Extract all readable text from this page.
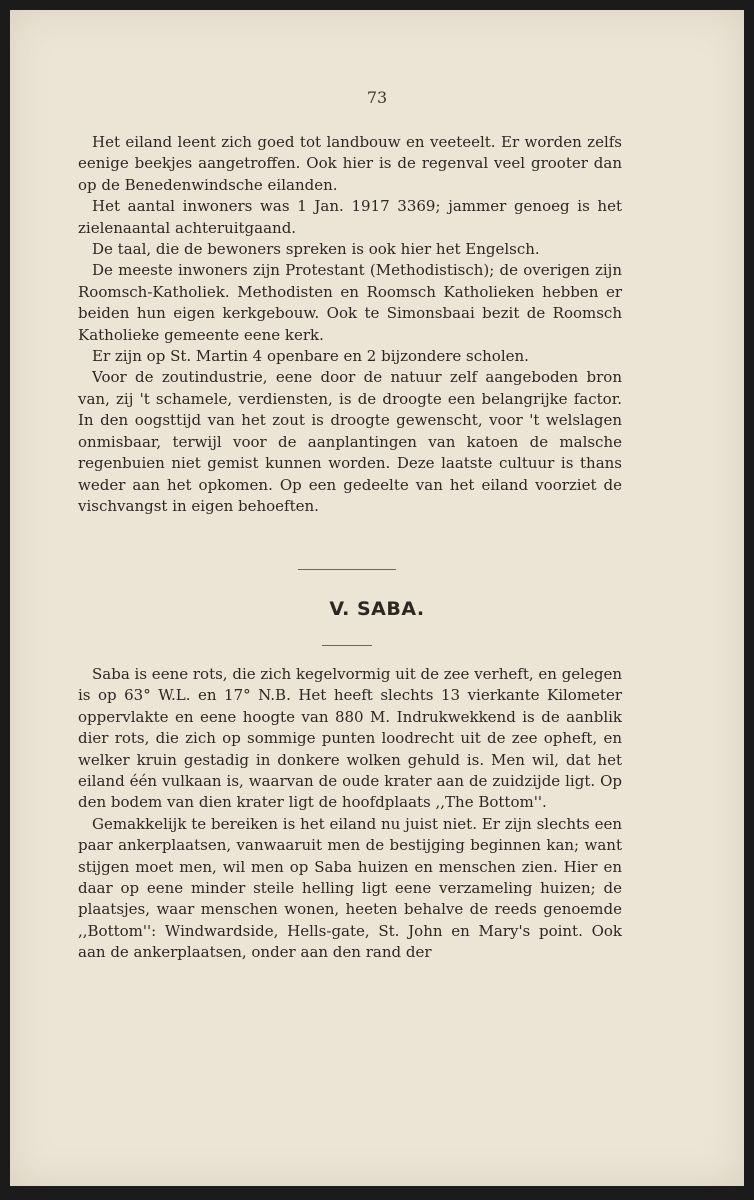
73

Het eiland leent zich goed tot landbouw en veeteelt. Er worden zelfs eenige beekjes aangetroffen. Ook hier is de regenval veel grooter dan op de Benedenwindsche eilanden.

Het aantal inwoners was 1 Jan. 1917 3369; jammer genoeg is het zielenaantal achteruitgaand.

De taal, die de bewoners spreken is ook hier het Engelsch.

De meeste inwoners zijn Protestant (Methodistisch); de overigen zijn Roomsch-Katholiek. Methodisten en Roomsch Katholieken hebben er beiden hun eigen kerkgebouw. Ook te Simonsbaai bezit de Roomsch Katholieke gemeente eene kerk.

Er zijn op St. Martin 4 openbare en 2 bijzondere scholen.

Voor de zoutindustrie, eene door de natuur zelf aangeboden bron van, zij 't schamele, verdiensten, is de droogte een belangrijke factor. In den oogsttijd van het zout is droogte gewenscht, voor 't welslagen onmisbaar, terwijl voor de aanplantingen van katoen de malsche regenbuien niet gemist kunnen worden. Deze laatste cultuur is thans weder aan het opkomen. Op een gedeelte van het eiland voorziet de vischvangst in eigen behoeften.

V. SABA.

Saba is eene rots, die zich kegelvormig uit de zee verheft, en gelegen is op 63° W.L. en 17° N.B. Het heeft slechts 13 vierkante Kilometer oppervlakte en eene hoogte van 880 M. Indrukwekkend is de aanblik dier rots, die zich op sommige punten loodrecht uit de zee opheft, en welker kruin gestadig in donkere wolken gehuld is. Men wil, dat het eiland één vulkaan is, waarvan de oude krater aan de zuidzijde ligt. Op den bodem van dien krater ligt de hoofdplaats ,,The Bottom''.

Gemakkelijk te bereiken is het eiland nu juist niet. Er zijn slechts een paar ankerplaatsen, vanwaaruit men de bestijging beginnen kan; want stijgen moet men, wil men op Saba huizen en menschen zien. Hier en daar op eene minder steile helling ligt eene verzameling huizen; de plaatsjes, waar menschen wonen, heeten behalve de reeds genoemde ,,Bottom'': Windwardside, Hells-gate, St. John en Mary's point. Ook aan de ankerplaatsen, onder aan den rand der
